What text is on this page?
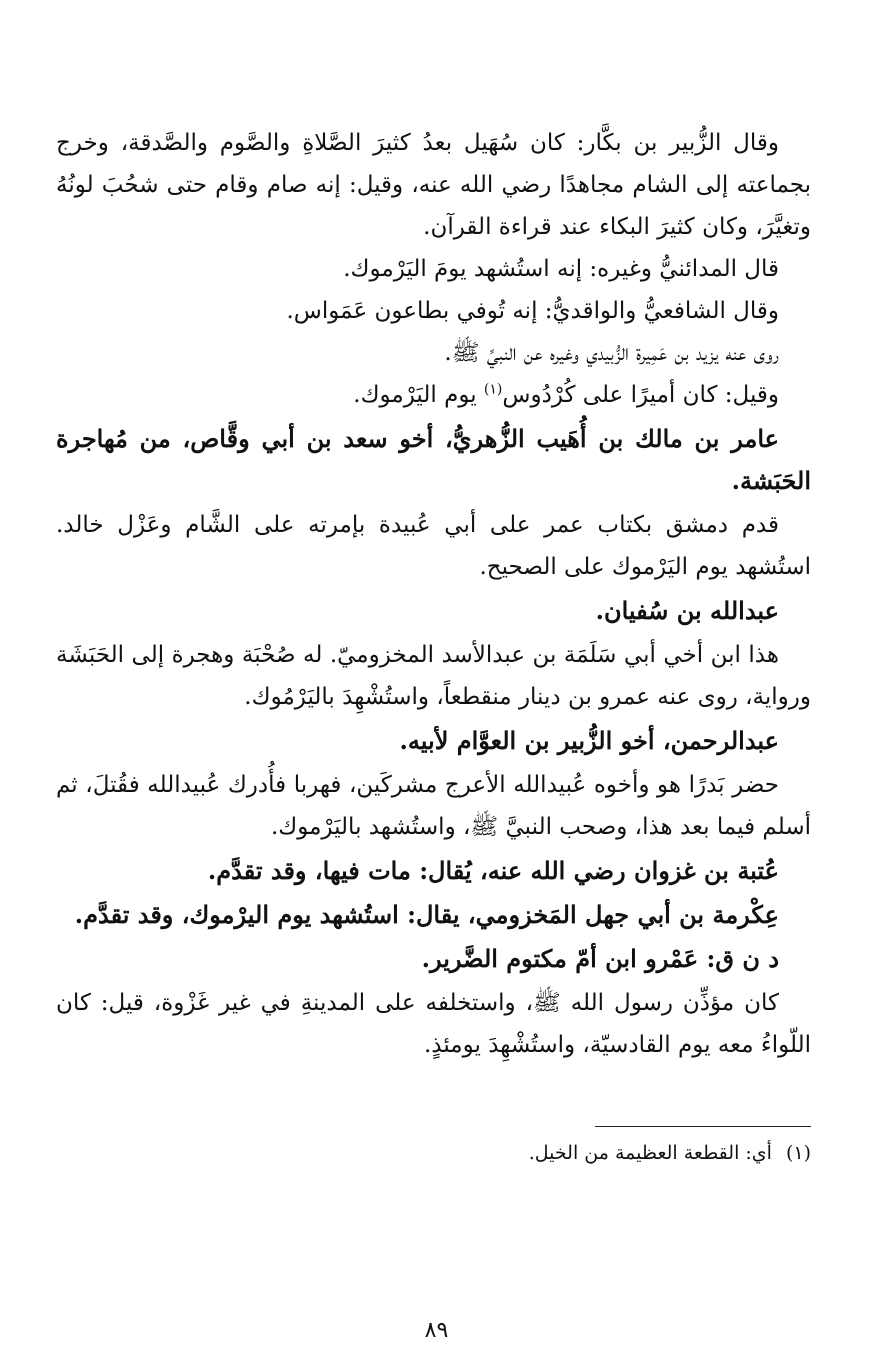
وقال الزُّبير بن بكَّار: كان سُهَيل بعدُ كثيرَ الصَّلاةِ والصَّوم والصَّدقة، وخرج بجماعته إلى الشام مجاهدًا رضي الله عنه، وقيل: إنه صام وقام حتى شحُبَ لونُهُ وتغيَّرَ، وكان كثيرَ البكاء عند قراءة القرآن.

قال المدائنيُّ وغيره: إنه استُشهد يومَ اليَرْموك.

وقال الشافعيُّ والواقديُّ: إنه تُوفي بطاعون عَمَواس.

روى عنه يزيد بن عَمِيرة الزُّبيدي وغيره عن النبيِّ ﷺ.

وقيل: كان أميرًا على كُرْدُوس$^{(١)}$ يوم اليَرْموك.

عامر بن مالك بن أُهَيب الزُّهريُّ، أخو سعد بن أبي وقَّاص، من مُهاجرة الحَبَشة.

قدم دمشق بكتاب عمر على أبي عُبيدة بإمرته على الشَّام وعَزْل خالد. استُشهد يوم اليَرْموك على الصحيح.

عبدالله بن سُفيان.

هذا ابن أخي أبي سَلَمَة بن عبدالأسد المخزوميّ. له صُحْبَة وهجرة إلى الحَبَشَة ورواية، روى عنه عمرو بن دينار منقطعاً، واستُشْهِدَ باليَرْمُوك.

عبدالرحمن، أخو الزُّبير بن العوَّام لأبيه.

حضر بَدرًا هو وأخوه عُبيدالله الأعرج مشركَين، فهربا فأُدرك عُبيدالله فقُتلَ، ثم أسلم فيما بعد هذا، وصحب النبيَّ ﷺ، واستُشهد باليَرْموك.

عُتبة بن غزوان رضي الله عنه، يُقال: مات فيها، وقد تقدَّم.

عِكْرمة بن أبي جهل المَخزومي، يقال: استُشهد يوم اليرْموك، وقد تقدَّم.

د ن ق: عَمْرو ابن أمّ مكتوم الضَّرير.

كان مؤذِّن رسول الله ﷺ، واستخلفه على المدينةِ في غير غَزْوة، قيل: كان اللّواءُ معه يوم القادسيّة، واستُشْهِدَ يومئذٍ.

(١)أي: القطعة العظيمة من الخيل.
٨٩
